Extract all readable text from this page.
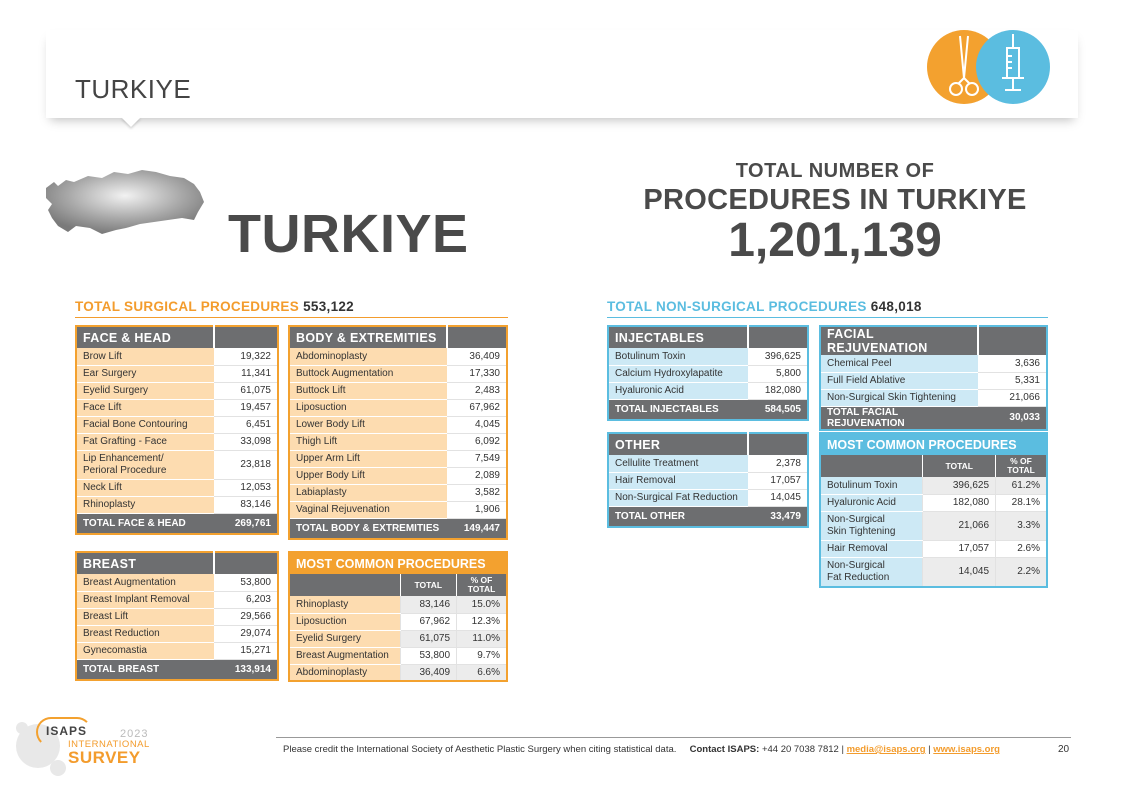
TURKIYE
TURKIYE
TOTAL NUMBER OF
PROCEDURES IN TURKIYE
1,201,139
TOTAL SURGICAL PROCEDURES 553,122
FACE & HEAD	
Brow Lift	19,322
Ear Surgery	11,341
Eyelid Surgery	61,075
Face Lift	19,457
Facial Bone Contouring	6,451
Fat Grafting - Face	33,098
Lip Enhancement/
Perioral Procedure	23,818
Neck Lift	12,053
Rhinoplasty	83,146
TOTAL FACE & HEAD	269,761
BODY & EXTREMITIES	
Abdominoplasty	36,409
Buttock Augmentation	17,330
Buttock Lift	2,483
Liposuction	67,962
Lower Body Lift	4,045
Thigh Lift	6,092
Upper Arm Lift	7,549
Upper Body Lift	2,089
Labiaplasty	3,582
Vaginal Rejuvenation	1,906
TOTAL BODY & EXTREMITIES	149,447
BREAST	
Breast Augmentation	53,800
Breast Implant Removal	6,203
Breast Lift	29,566
Breast Reduction	29,074
Gynecomastia	15,271
TOTAL BREAST	133,914
MOST COMMON PROCEDURES		
	TOTAL	% OF
TOTAL
Rhinoplasty	83,146	15.0%
Liposuction	67,962	12.3%
Eyelid Surgery	61,075	11.0%
Breast Augmentation	53,800	9.7%
Abdominoplasty	36,409	6.6%
TOTAL NON-SURGICAL PROCEDURES 648,018
INJECTABLES	
Botulinum Toxin	396,625
Calcium Hydroxylapatite	5,800
Hyaluronic Acid	182,080
TOTAL INJECTABLES	584,505
FACIAL REJUVENATION	
Chemical Peel	3,636
Full Field Ablative	5,331
Non-Surgical Skin Tightening	21,066
TOTAL FACIAL REJUVENATION	30,033
OTHER	
Cellulite Treatment	2,378
Hair Removal	17,057
Non-Surgical Fat Reduction	14,045
TOTAL OTHER	33,479
MOST COMMON PROCEDURES		
	TOTAL	% OF
TOTAL
Botulinum Toxin	396,625	61.2%
Hyaluronic Acid	182,080	28.1%
Non-Surgical
Skin Tightening	21,066	3.3%
Hair Removal	17,057	2.6%
Non-Surgical
Fat Reduction	14,045	2.2%
Please credit the International Society of Aesthetic Plastic Surgery when citing statistical data. Contact ISAPS: +44 20 7038 7812 | media@isaps.org | www.isaps.org	20
ISAPS	2023
INTERNATIONAL
SURVEY
